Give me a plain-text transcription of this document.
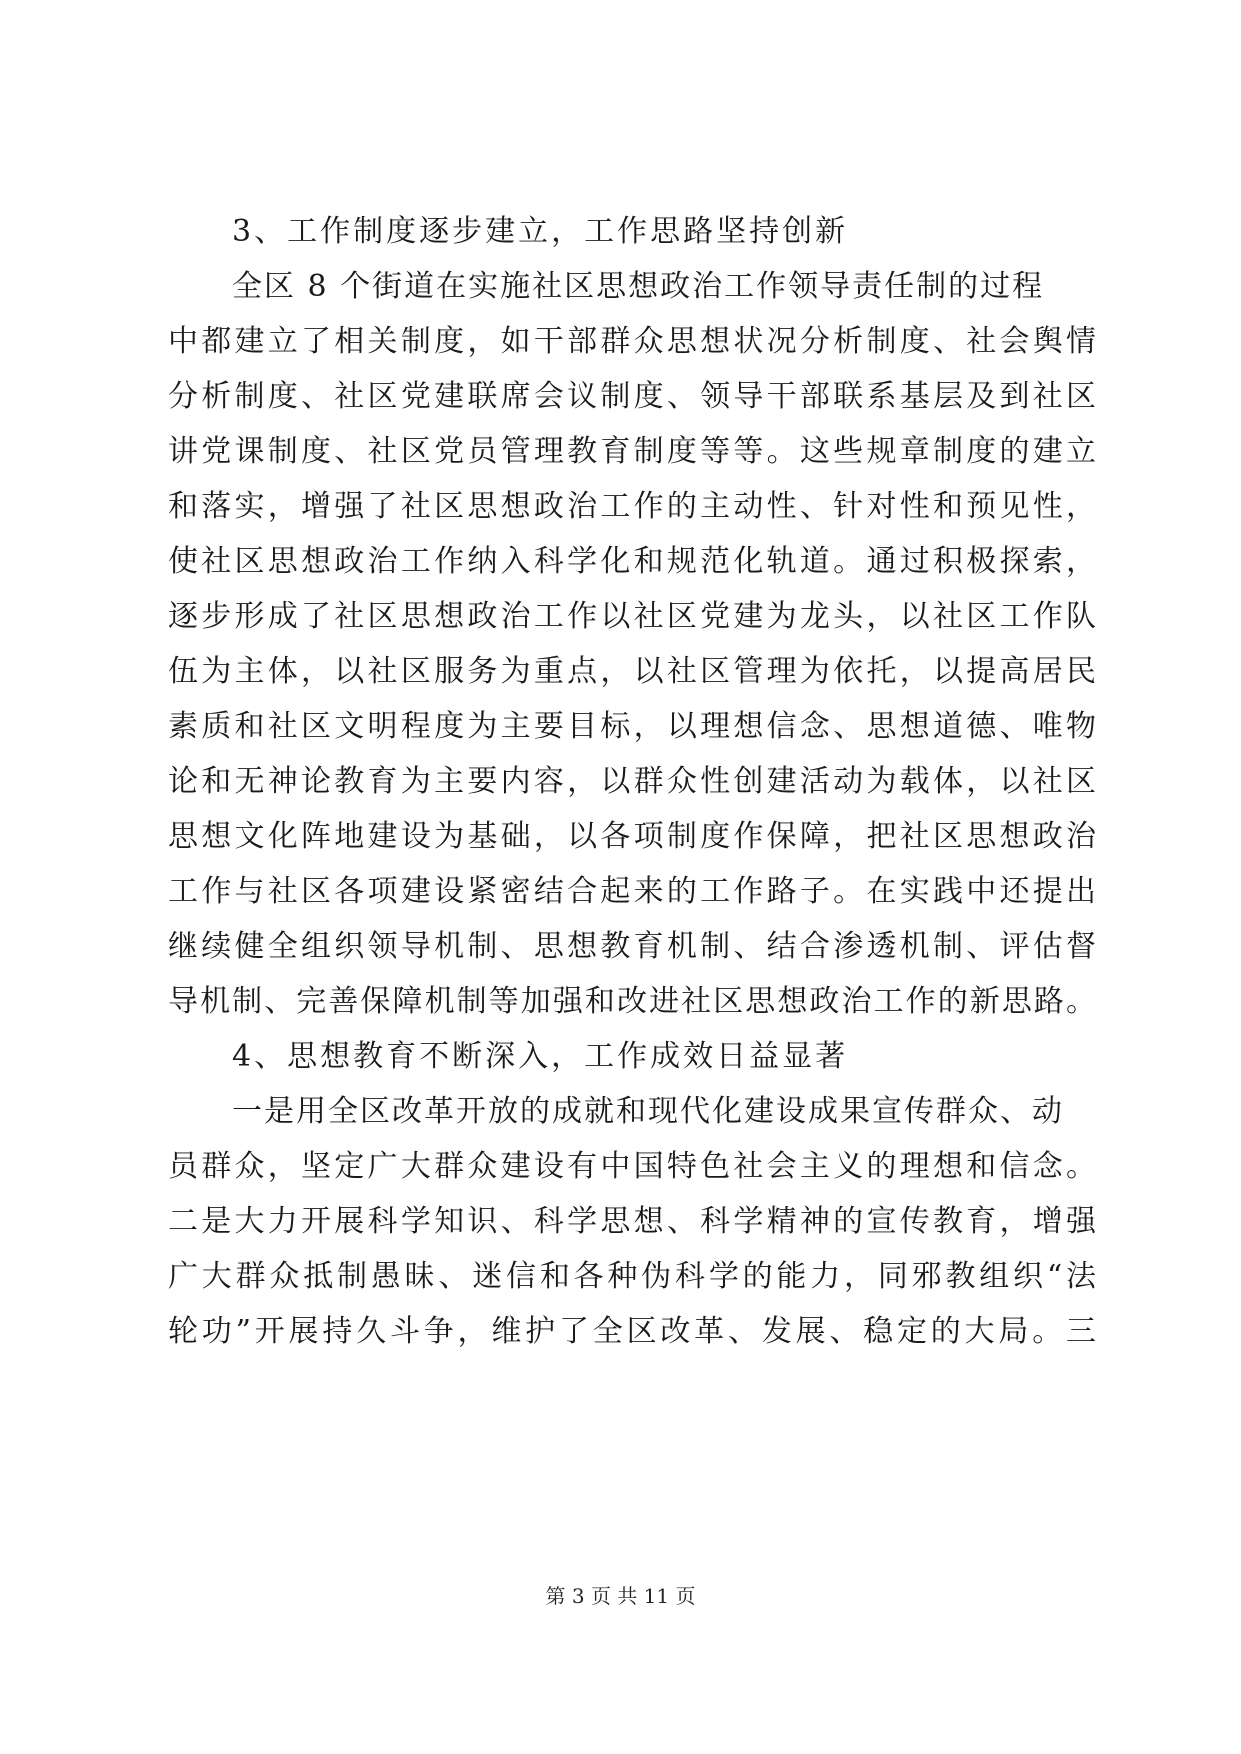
3、工作制度逐步建立，工作思路坚持创新
全区 8 个街道在实施社区思想政治工作领导责任制的过程
中都建立了相关制度，如干部群众思想状况分析制度、社会舆情
分析制度、社区党建联席会议制度、领导干部联系基层及到社区
讲党课制度、社区党员管理教育制度等等。这些规章制度的建立
和落实，增强了社区思想政治工作的主动性、针对性和预见性，
使社区思想政治工作纳入科学化和规范化轨道。通过积极探索，
逐步形成了社区思想政治工作以社区党建为龙头，以社区工作队
伍为主体，以社区服务为重点，以社区管理为依托，以提高居民
素质和社区文明程度为主要目标，以理想信念、思想道德、唯物
论和无神论教育为主要内容，以群众性创建活动为载体，以社区
思想文化阵地建设为基础，以各项制度作保障，把社区思想政治
工作与社区各项建设紧密结合起来的工作路子。在实践中还提出
继续健全组织领导机制、思想教育机制、结合渗透机制、评估督
导机制、完善保障机制等加强和改进社区思想政治工作的新思路。
4、思想教育不断深入，工作成效日益显著
一是用全区改革开放的成就和现代化建设成果宣传群众、动
员群众，坚定广大群众建设有中国特色社会主义的理想和信念。
二是大力开展科学知识、科学思想、科学精神的宣传教育，增强
广大群众抵制愚昧、迷信和各种伪科学的能力，同邪教组织“法
轮功”开展持久斗争，维护了全区改革、发展、稳定的大局。三
第 3 页 共 11 页
